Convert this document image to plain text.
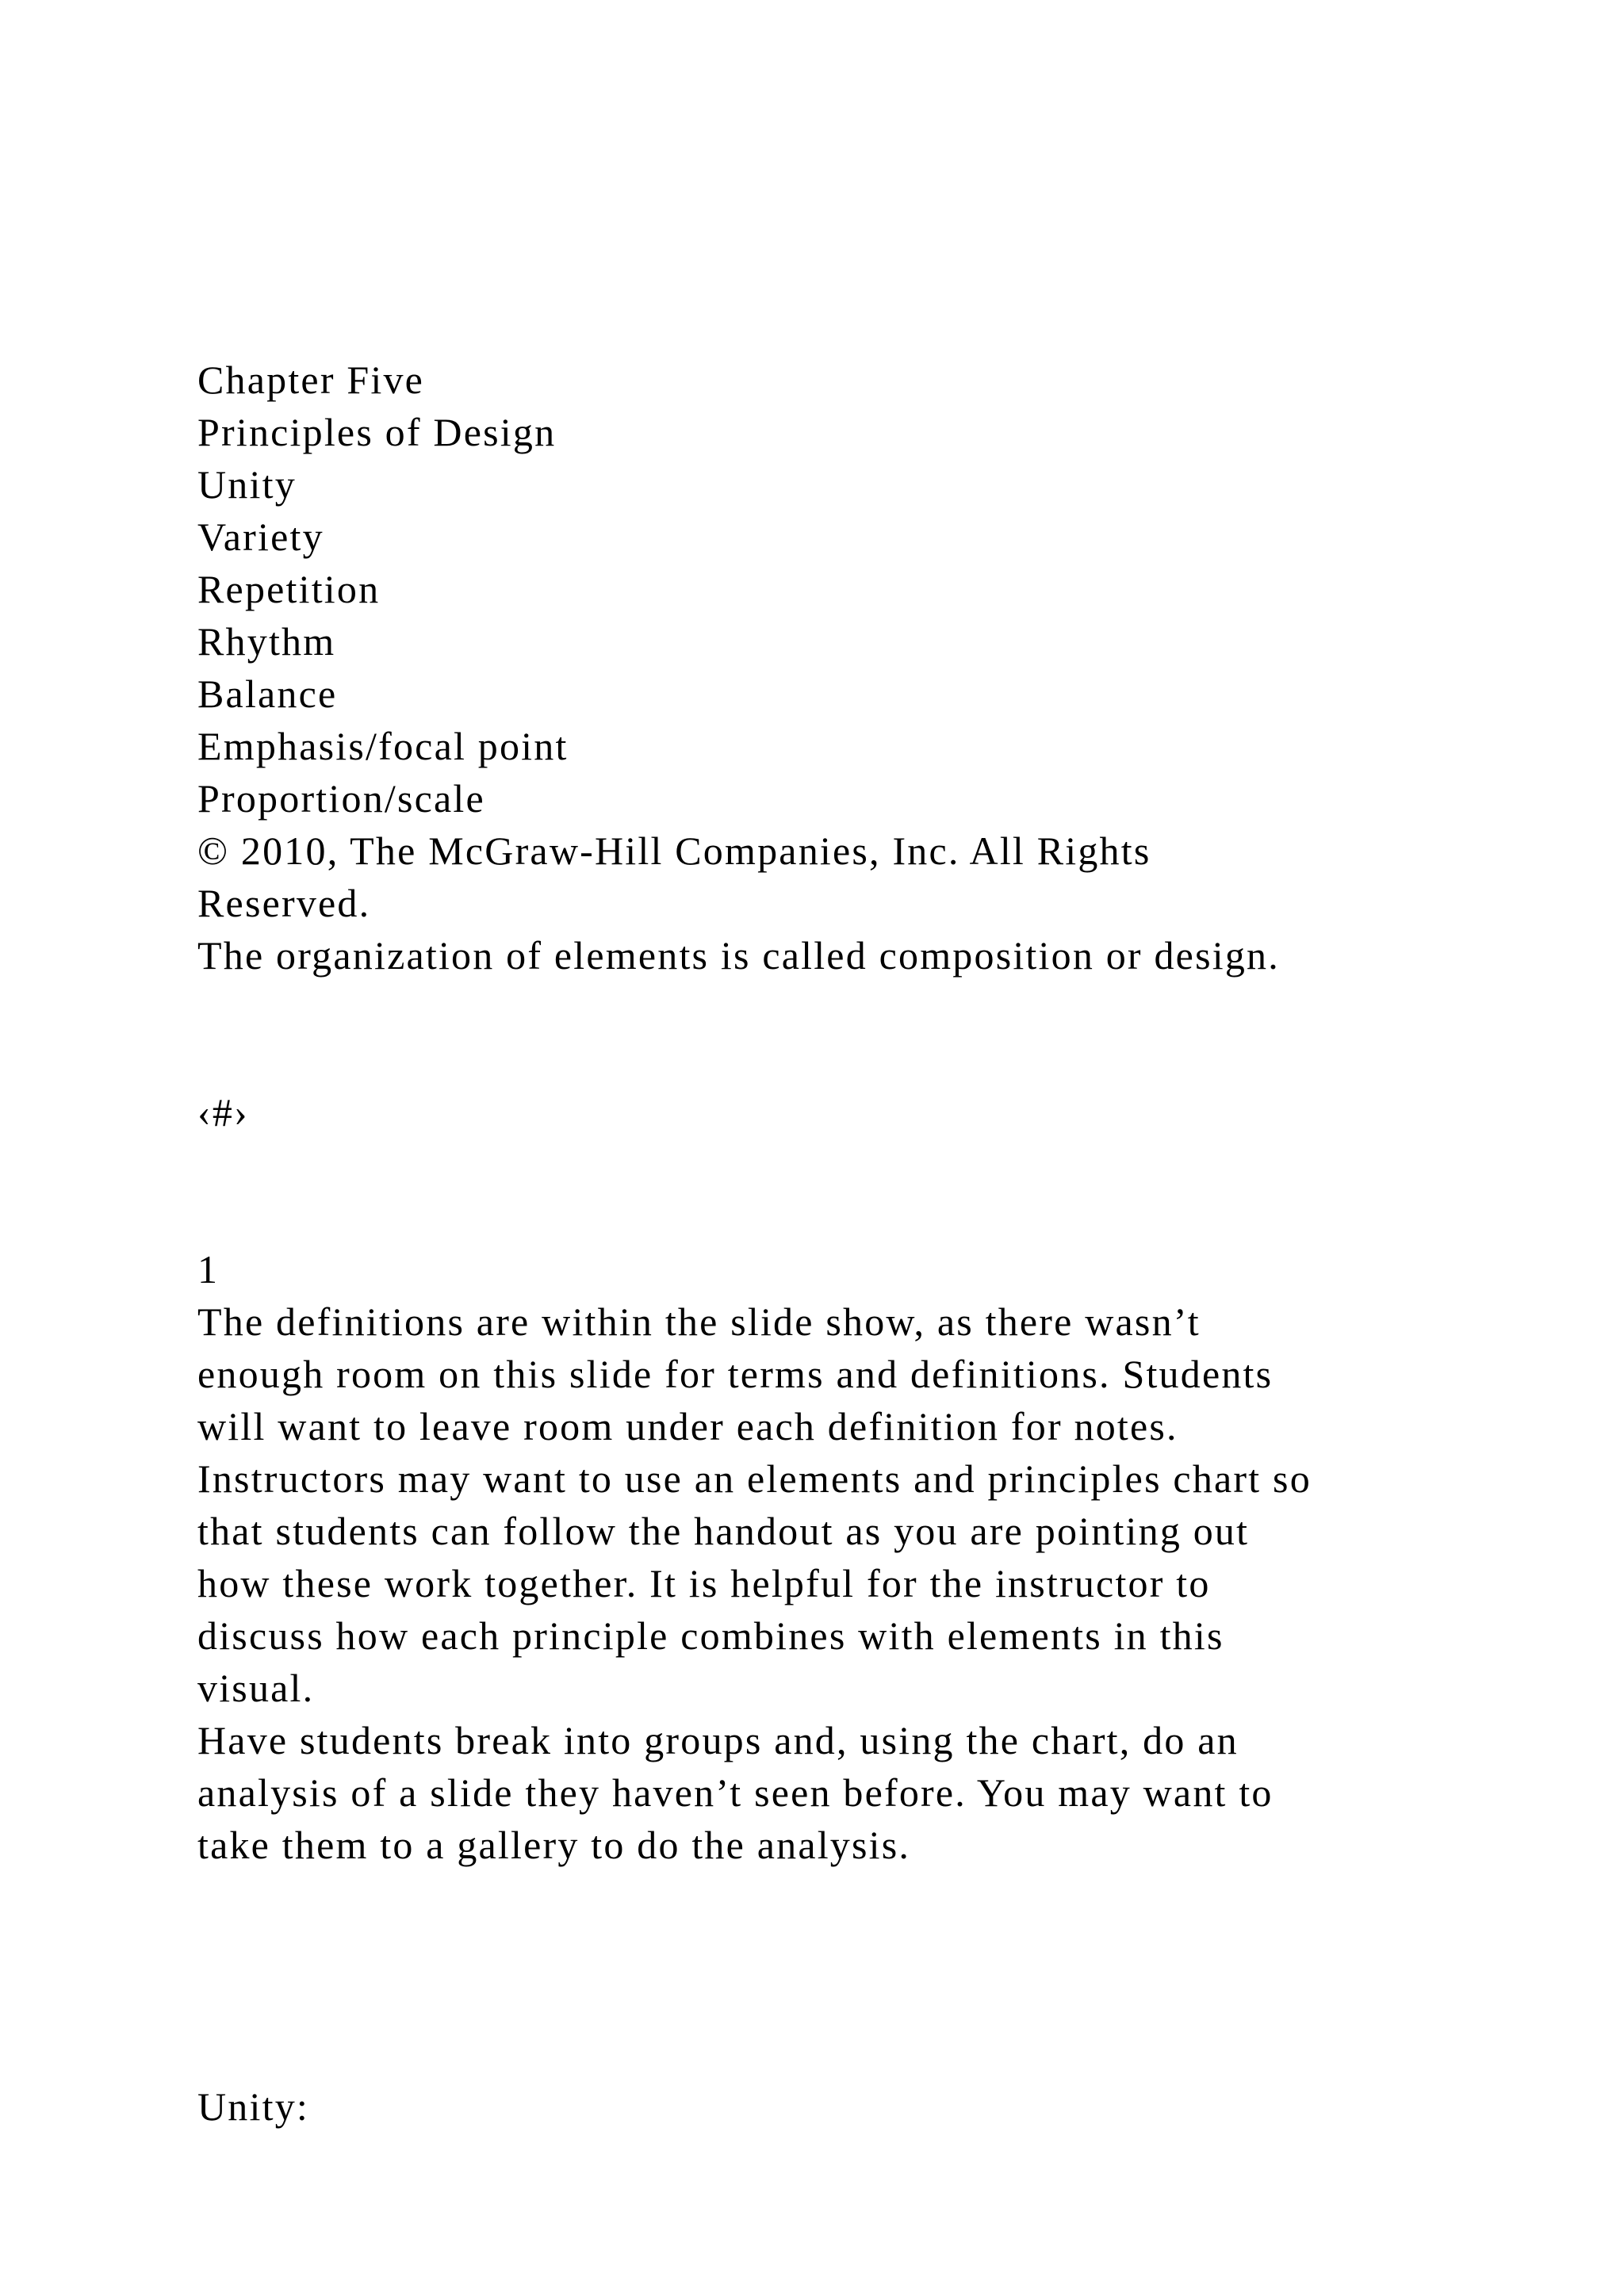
Chapter Five

Principles of Design

Unity

Variety

Repetition

Rhythm

Balance

Emphasis/focal point

Proportion/scale

© 2010, The McGraw-Hill Companies, Inc. All Rights

Reserved.

The organization of elements is called composition or design.

‹#›

1

The definitions are within the slide show, as there wasn’t

enough room on this slide for terms and definitions. Students

will want to leave room under each definition for notes.

Instructors may want to use an elements and principles chart so

that students can follow the handout as you are pointing out

how these work together. It is helpful for the instructor to

discuss how each principle combines with elements in this

visual.

Have students break into groups and, using the chart, do an

analysis of a slide they haven’t seen before. You may want to

take them to a gallery to do the analysis.

Unity:
